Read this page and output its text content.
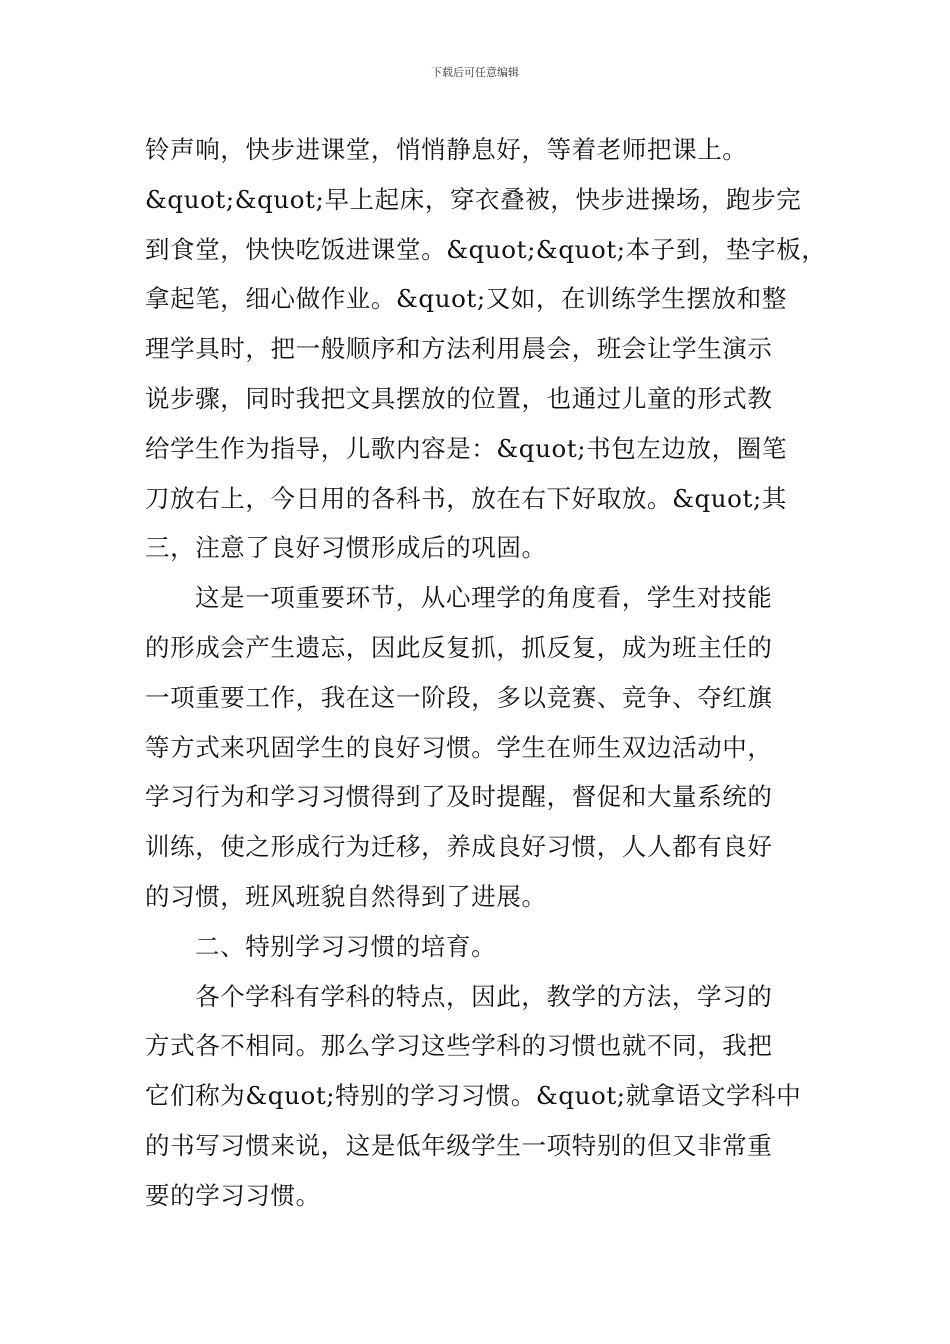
下载后可任意编辑
铃声响，快步进课堂，悄悄静息好，等着老师把课上。
&quot;&quot;早上起床，穿衣叠被，快步进操场，跑步完
到食堂，快快吃饭进课堂。&quot;&quot;本子到，垫字板，
拿起笔，细心做作业。&quot;又如，在训练学生摆放和整
理学具时，把一般顺序和方法利用晨会，班会让学生演示
说步骤，同时我把文具摆放的位置，也通过儿童的形式教
给学生作为指导，儿歌内容是：&quot;书包左边放，圈笔
刀放右上，今日用的各科书，放在右下好取放。&quot;其
三，注意了良好习惯形成后的巩固。
这是一项重要环节，从心理学的角度看，学生对技能
的形成会产生遗忘，因此反复抓，抓反复，成为班主任的
一项重要工作，我在这一阶段，多以竞赛、竞争、夺红旗
等方式来巩固学生的良好习惯。学生在师生双边活动中，
学习行为和学习习惯得到了及时提醒，督促和大量系统的
训练，使之形成行为迁移，养成良好习惯，人人都有良好
的习惯，班风班貌自然得到了进展。
二、特别学习习惯的培育。
各个学科有学科的特点，因此，教学的方法，学习的
方式各不相同。那么学习这些学科的习惯也就不同，我把
它们称为&quot;特别的学习习惯。&quot;就拿语文学科中
的书写习惯来说，这是低年级学生一项特别的但又非常重
要的学习习惯。
